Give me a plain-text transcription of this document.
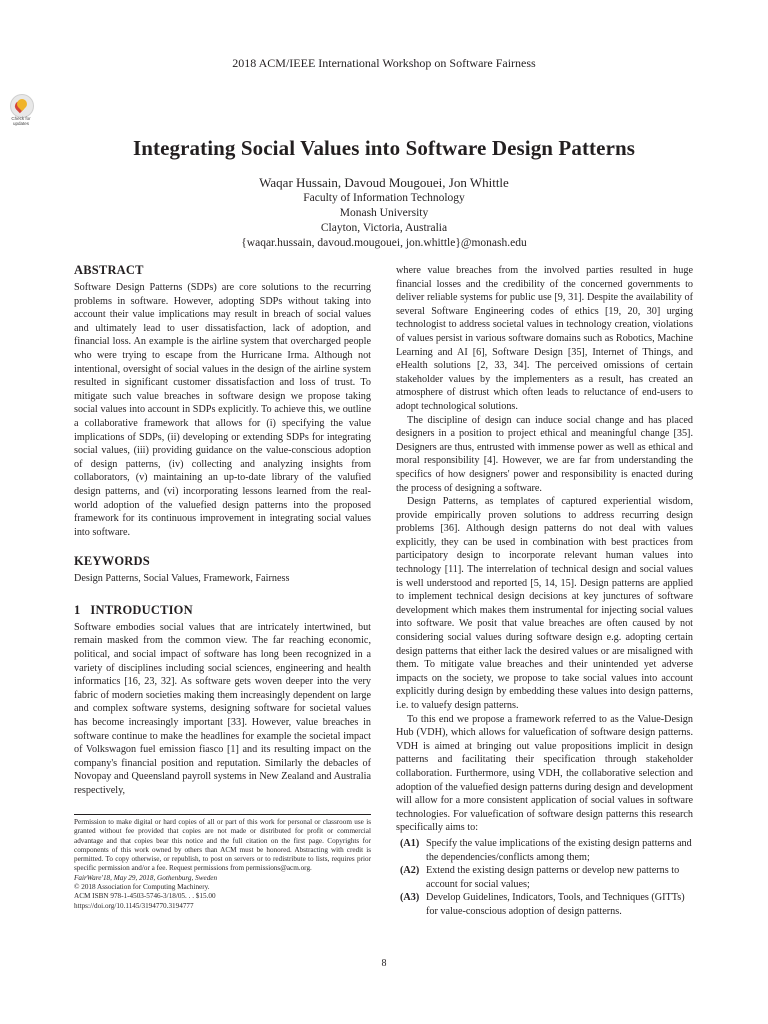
2018 ACM/IEEE International Workshop on Software Fairness
Check for
updates
Integrating Social Values into Software Design Patterns
Waqar Hussain, Davoud Mougouei, Jon Whittle
Faculty of Information Technology
Monash University
Clayton, Victoria, Australia
{waqar.hussain, davoud.mougouei, jon.whittle}@monash.edu
ABSTRACT

Software Design Patterns (SDPs) are core solutions to the recurring problems in software. However, adopting SDPs without taking into account their value implications may result in breach of social values and ultimately lead to user dissatisfaction, lack of adoption, and financial loss. An example is the airline system that overcharged people who were trying to escape from the Hurricane Irma. Although not intentional, oversight of social values in the design of the airline system resulted in significant customer dissatisfaction and loss of trust. To mitigate such value breaches in software design we propose taking social values into account in SDPs explicitly. To achieve this, we outline a collaborative framework that allows for (i) specifying the value implications of SDPs, (ii) developing or extending SDPs for integrating social values, (iii) providing guidance on the value-conscious adoption of design patterns, (iv) collecting and analyzing insights from collaborators, (v) maintaining an up-to-date library of the valufied design patterns, and (vi) incorporating lessons learned from the real-world adoption of the valuefied design patterns into the proposed framework for its continuous improvement in integrating social values into software.

KEYWORDS

Design Patterns, Social Values, Framework, Fairness

1   INTRODUCTION

Software embodies social values that are intricately intertwined, but remain masked from the common view. The far reaching economic, political, and social impact of software has long been recognized in a variety of disciplines including social sciences, engineering and health informatics [16, 23, 32]. As software gets woven deeper into the very fabric of modern societies making them increasingly dependent on large and complex software systems, designing software for societal values has become increasingly important [33]. However, value breaches in software continue to make the headlines for example the societal impact of Volkswagon fuel emission fiasco [1] and its resulting impact on the company's financial position and reputation. Similarly the debacles of Novopay and Queensland payroll systems in New Zealand and Australia respectively,

where value breaches from the involved parties resulted in huge financial losses and the credibility of the concerned governments to deliver reliable systems for public use [9, 31]. Despite the availability of several Software Engineering codes of ethics [19, 20, 30] urging technologist to address societal values in technology creation, violations of values persist in various software domains such as Robotics, Machine Learning and AI [6], Software Design [35], Internet of Things, and eHealth solutions [2, 33, 34]. The perceived omissions of certain stakeholder values by the implementers as a result, has created an atmosphere of distrust which often leads to reluctance of end-users to adopt technological solutions.

The discipline of design can induce social change and has placed designers in a position to project ethical and meaningful change [35]. Designers are thus, entrusted with immense power as well as ethical and moral responsibility [4]. However, we are far from understanding the specifics of how designers' power and responsibility is enacted during the process of designing a software.

Design Patterns, as templates of captured experiential wisdom, provide empirically proven solutions to address recurring design problems [36]. Although design patterns do not deal with values explicitly, they can be used in combination with best practices from participatory design to incorporate relevant human values into technology [11]. The interrelation of technical design and social values is well understood and reported [5, 14, 15]. Design patterns are applied to implement technical design decisions at key junctures of software development which makes them instrumental for injecting social values into software. We posit that value breaches are often caused by not considering social values during software design e.g. adopting certain design patterns that either lack the desired values or are misaligned with them. To mitigate value breaches and their unintended yet adverse impacts on the society, we propose to take social values into account explicitly during design by embedding these values into design patterns, i.e. to valuefy design patterns.

To this end we propose a framework referred to as the Value-Design Hub (VDH), which allows for valuefication of software design patterns. VDH is aimed at bringing out value propositions implicit in design patterns and facilitating their specification through stakeholder collaboration. Furthermore, using VDH, the collaborative selection and adoption of the valuefied design patterns during design and development will allow for a more consistent application of social values in software technologies. For valuefication of software design patterns this research specifically aims to:

(A1) Specify the value implications of the existing design patterns and the dependencies/conflicts among them;
(A2) Extend the existing design patterns or develop new patterns to account for social values;
(A3) Develop Guidelines, Indicators, Tools, and Techniques (GITTs) for value-conscious adoption of design patterns.
Permission to make digital or hard copies of all or part of this work for personal or classroom use is granted without fee provided that copies are not made or distributed for profit or commercial advantage and that copies bear this notice and the full citation on the first page. Copyrights for components of this work owned by others than ACM must be honored. Abstracting with credit is permitted. To copy otherwise, or republish, to post on servers or to redistribute to lists, requires prior specific permission and/or a fee. Request permissions from permissions@acm.org.
FairWare'18, May 29, 2018, Gothenburg, Sweden
© 2018 Association for Computing Machinery.
ACM ISBN 978-1-4503-5746-3/18/05. . . $15.00
https://doi.org/10.1145/3194770.3194777
8
